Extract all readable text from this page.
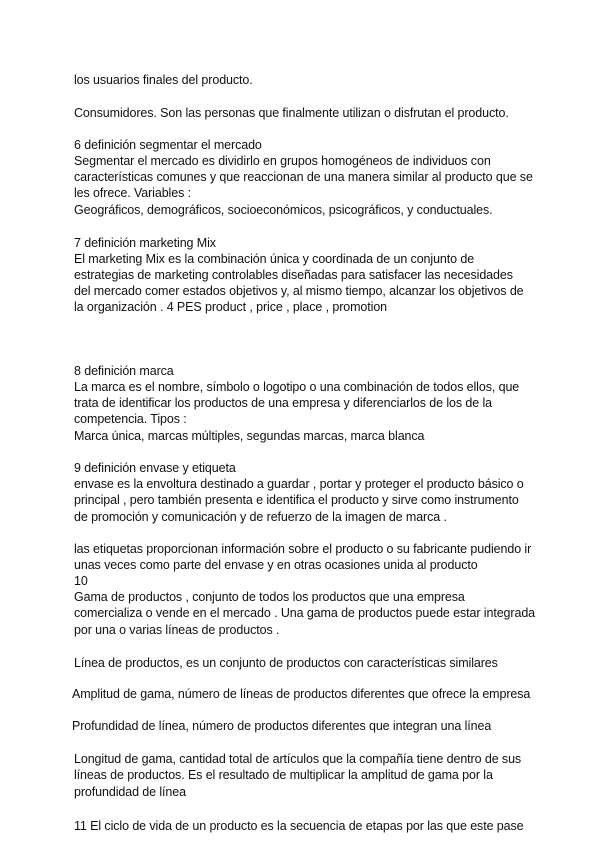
los usuarios finales del producto.
Consumidores. Son las personas que finalmente utilizan o disfrutan el producto.
6 definición segmentar el mercado
Segmentar el mercado es dividirlo en grupos homogéneos de individuos con
características comunes y que reaccionan de una manera similar al producto que se
les ofrece. Variables :
Geográficos, demográficos, socioeconómicos, psicográficos, y conductuales.
7 definición marketing Mix
El marketing Mix es la combinación única y coordinada de un conjunto de
estrategias de marketing controlables diseñadas para satisfacer las necesidades
del mercado comer estados objetivos y, al mismo tiempo, alcanzar los objetivos de
la organización . 4 PES product , price , place , promotion
8 definición marca
La marca es el nombre, símbolo o logotipo o una combinación de todos ellos, que
trata de identificar los productos de una empresa y diferenciarlos de los de la
competencia. Tipos :
Marca única, marcas múltiples, segundas marcas, marca blanca
9 definición envase y etiqueta
envase es la envoltura destinado a guardar , portar y proteger el producto básico o
principal , pero también presenta e identifica el producto y sirve como instrumento
de promoción y comunicación y de refuerzo de la imagen de marca .
las etiquetas proporcionan información sobre el producto o su fabricante pudiendo ir
unas veces como parte del envase y en otras ocasiones unida al producto
10
Gama de productos , conjunto de todos los productos que una empresa
comercializa o vende en el mercado . Una gama de productos puede estar integrada
por una o varias líneas de productos .
Línea de productos, es un conjunto de productos con características similares
Amplitud de gama, número de líneas de productos diferentes que ofrece la empresa
Profundidad de línea, número de productos diferentes que integran una línea
Longitud de gama, cantidad total de artículos que la compañía tiene dentro de sus
líneas de productos. Es el resultado de multiplicar la amplitud de gama por la
profundidad de línea
11 El ciclo de vida de un producto es la secuencia de etapas por las que este pase
